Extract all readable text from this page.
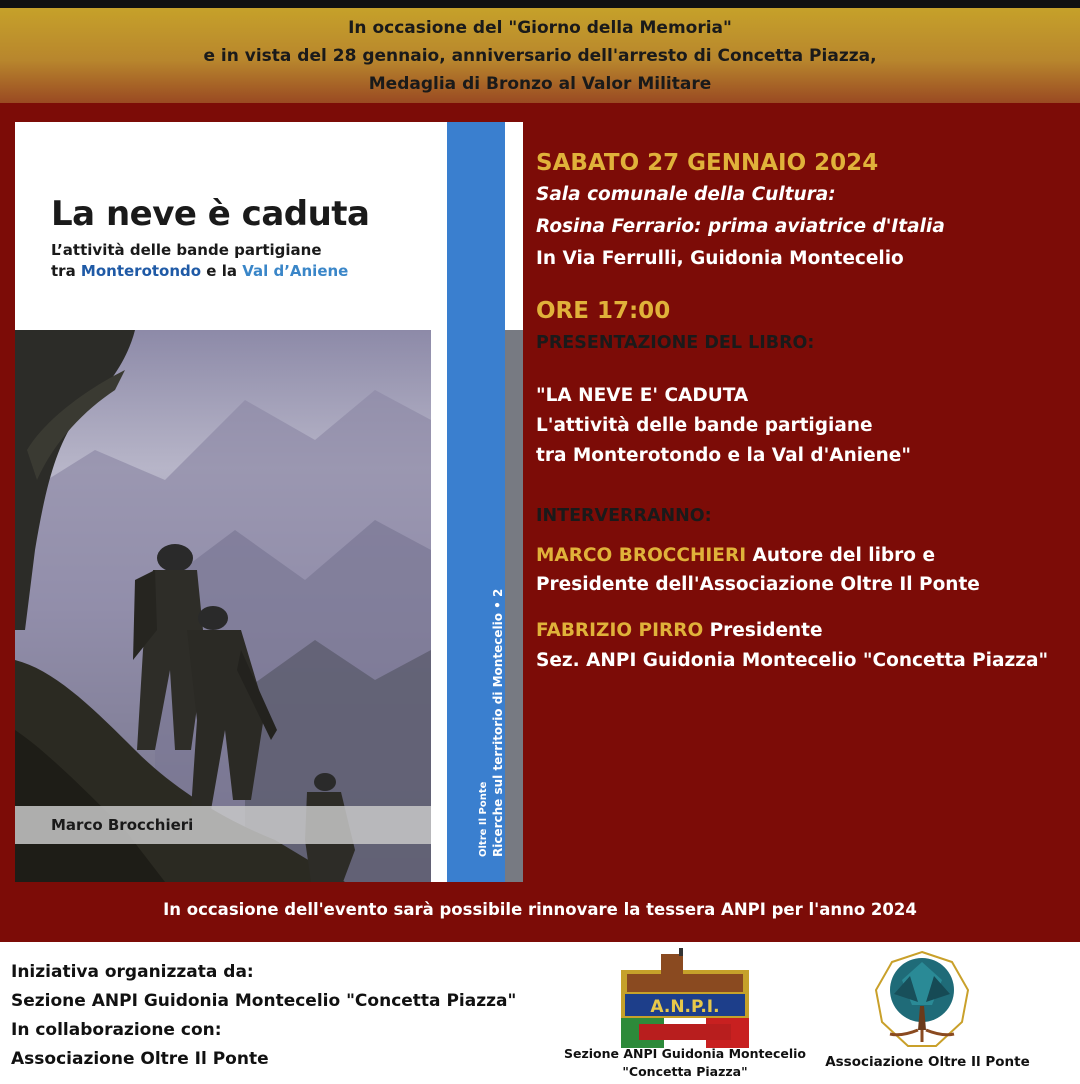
In occasione del "Giorno della Memoria"
e in vista del 28 gennaio, anniversario dell'arresto di Concetta Piazza,
Medaglia di Bronzo al Valor Militare
La neve è caduta
L’attività delle bande partigiane
tra Monterotondo e la Val d’Aniene
Marco Brocchieri	Oltre Il Ponte Ricerche sul territorio di Montecelio • 2
SABATO 27 GENNAIO 2024
Sala comunale della Cultura:
Rosina Ferrario: prima aviatrice d'Italia
In Via Ferrulli, Guidonia Montecelio
ORE 17:00
PRESENTAZIONE DEL LIBRO:
"LA NEVE E' CADUTA
L'attività delle bande partigiane
tra Monterotondo e la Val d'Aniene"
INTERVERRANNO:
MARCO BROCCHIERI Autore del libro e
Presidente dell'Associazione Oltre Il Ponte
FABRIZIO PIRRO Presidente
Sez. ANPI Guidonia Montecelio "Concetta Piazza"
In occasione dell'evento sarà possibile rinnovare la tessera ANPI per l'anno 2024
Iniziativa organizzata da:
Sezione ANPI Guidonia Montecelio "Concetta Piazza"
In collaborazione con:
Associazione Oltre Il Ponte
A.N.P.I.
Sezione ANPI Guidonia Montecelio
"Concetta Piazza"
Associazione Oltre Il Ponte
